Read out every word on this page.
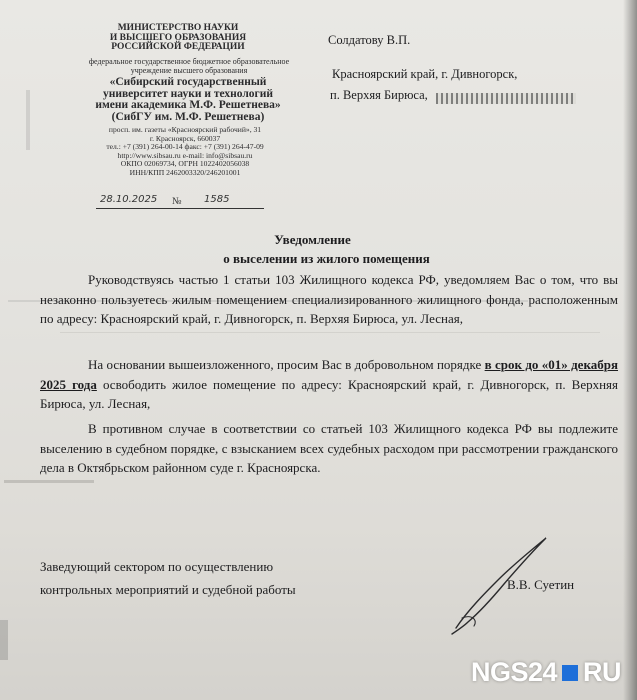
МИНИСТЕРСТВО НАУКИ
И ВЫСШЕГО ОБРАЗОВАНИЯ
РОССИЙСКОЙ ФЕДЕРАЦИИ
федеральное государственное бюджетное образовательное
учреждение высшего образования
«Сибирский государственный
университет науки и технологий
имени академика М.Ф. Решетнева»
(СибГУ им. М.Ф. Решетнева)
просп. им. газеты «Красноярский рабочий», 31
г. Красноярск, 660037
тел.: +7 (391) 264-00-14 факс: +7 (391) 264-47-09
http://www.sibsau.ru e-mail: info@sibsau.ru
ОКПО 02069734, ОГРН 1022402056038
ИНН/КПП 2462003320/246201001
28.10.2025 № 1585
Солдатову В.П.
Красноярский край, г. Дивногорск,
п. Верхяя Бирюса,
Уведомление
о выселении из жилого помещения
Руководствуясь частью 1 статьи 103 Жилищного кодекса РФ, уведомляем Вас о том, что вы незаконно пользуетесь жилым помещением специализированного жилищного фонда, расположенным по адресу: Красноярский край, г. Дивногорск, п. Верхяя Бирюса, ул. Лесная,
На основании вышеизложенного, просим Вас в добровольном порядке в срок до «01» декабря 2025 года освободить жилое помещение по адресу: Красноярский край, г. Дивногорск, п. Верхняя Бирюса, ул. Лесная,
В противном случае в соответствии со статьей 103 Жилищного кодекса РФ вы подлежите выселению в судебном порядке, с взысканием всех судебных расходом при рассмотрении гражданского дела в Октябрьском районном суде г. Красноярска.
Заведующий сектором по осуществлению
контрольных мероприятий и судебной работы	В.В. Суетин
NGS24 RU
